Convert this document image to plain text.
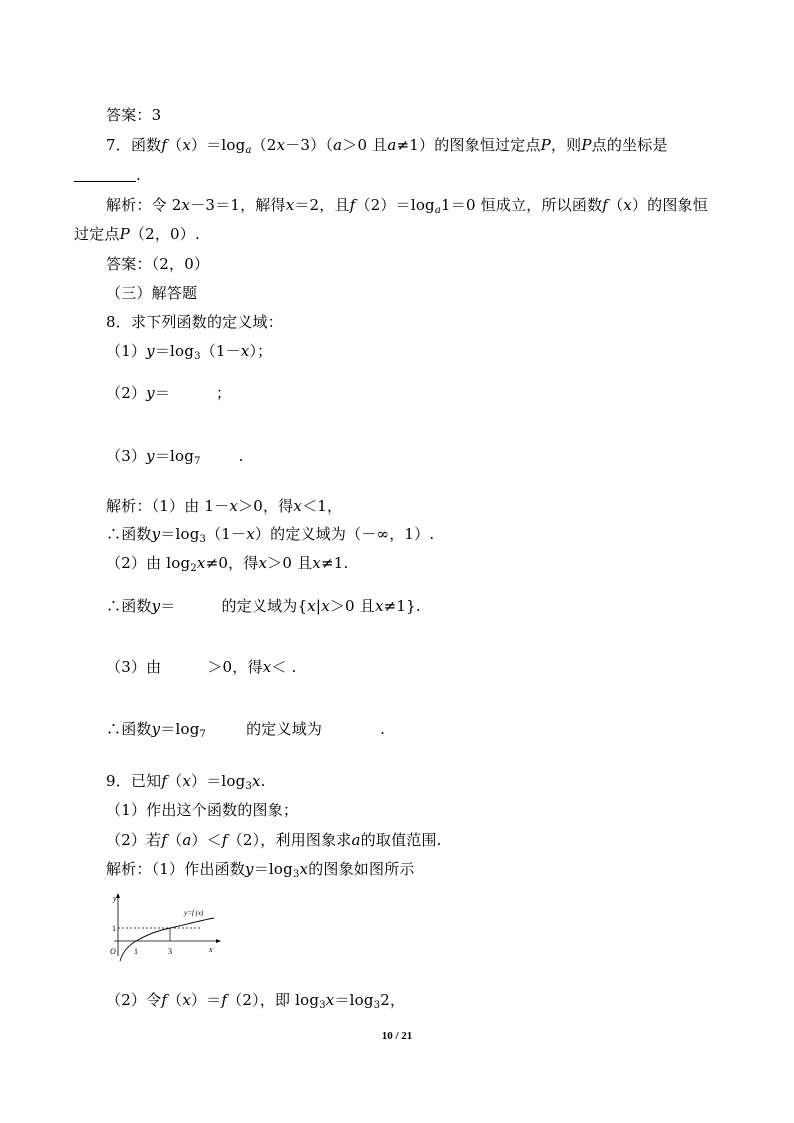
答案：3
7．函数$f(x)=\log_a(2x-3)(a>0$ 且a≠1）的图象恒过定点P，则P点的坐标是
.
解析：令 2x－3＝1，解得x＝2，且$f(2)=\log_a1=0$ 恒成立，所以函数f（x）的图象恒
过定点P（2，0）.
答案：（2，0）
（三）解答题
8．求下列函数的定义域：
$(1)y=\log_3(1-x)$；
（2）y＝	；
$(3)y=\log_7$	.
解析：（1）由 1－x＞0，得x＜1，
∴函数$y=\log_3(1-x)$的定义域为（－∞，1）.
（2）由 $\log_2x\ne 0$，得x＞0 且x≠1.
∴函数y＝	的定义域为{x|x＞0 且x≠1}.
（3）由	＞0，得x＜ .
∴函数$y=\log_7$	的定义域为	.
9．已知$f(x)=\log_3x$.
（1）作出这个函数的图象；
（2）若f（a）＜f（2），利用图象求a的取值范围.
解析：（1）作出函数$y=\log_3x$的图象如图所示
y
x
O 1	3
1
y=f (x)
（2）令f（x）＝f（2），即 $\log_3x=\log_32$，
10 / 21
